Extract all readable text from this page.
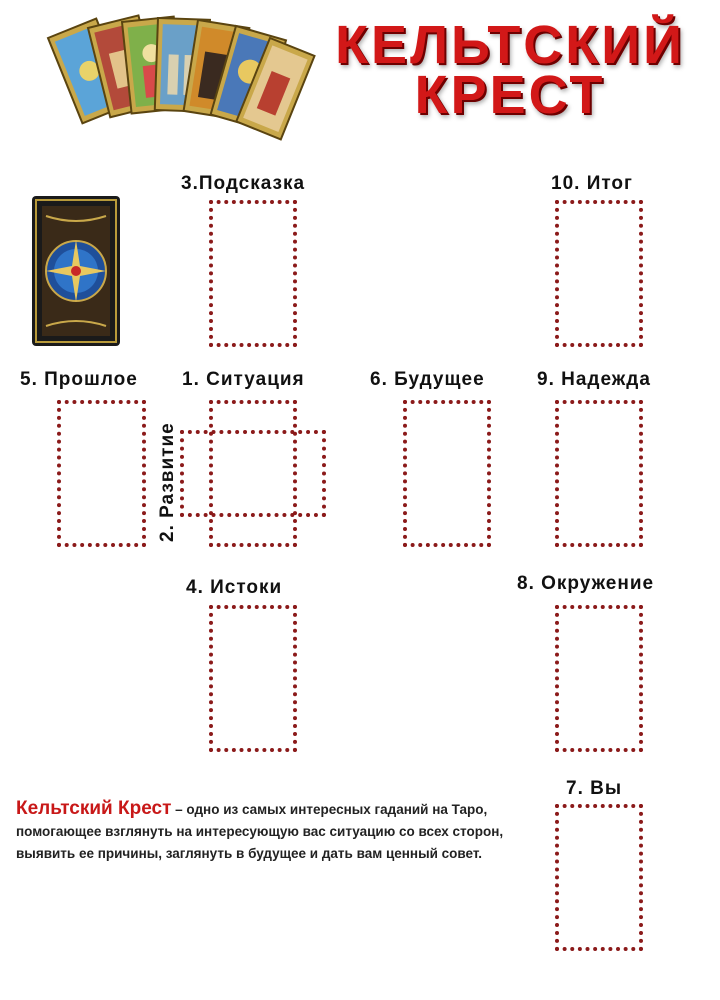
КЕЛЬТСКИЙ
КРЕСТ
3.Подсказка	10. Итог
5. Прошлое 1. Ситуация	6. Будущее	9. Надежда
2. Развитие
4. Истоки	8. Окружение
7. Вы
Кельтский Крест – одно из самых интересных гаданий на Таро, помогающее взглянуть на интересующую вас ситуацию со всех сторон, выявить ее причины, заглянуть в будущее и дать вам ценный совет.
